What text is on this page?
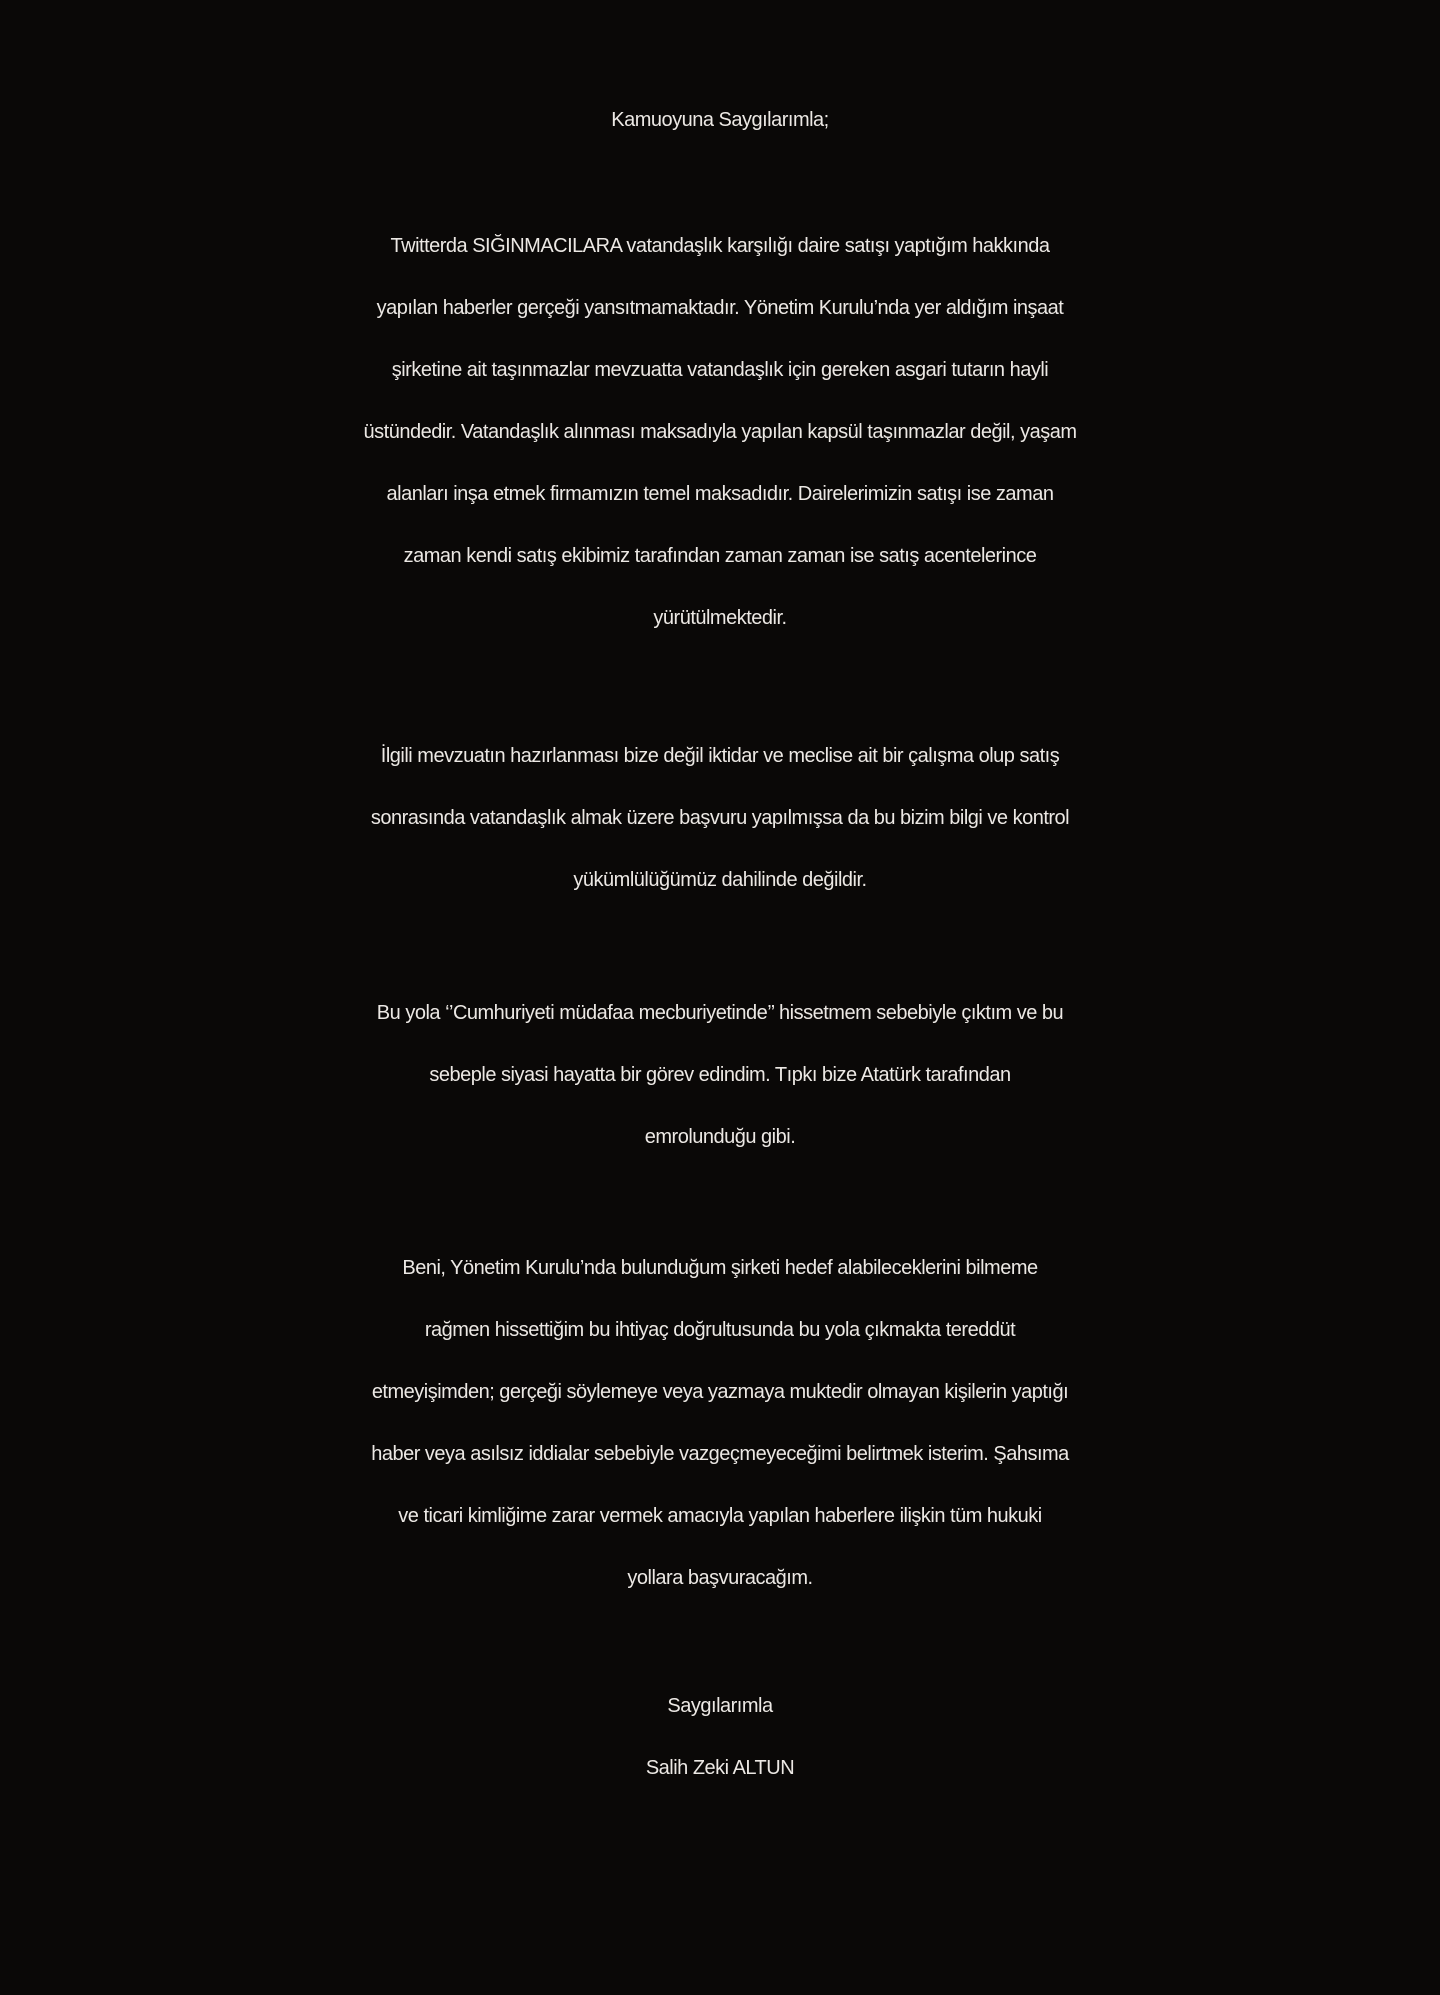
Kamuoyuna Saygılarımla;
Twitterda SIĞINMACILARA vatandaşlık karşılığı daire satışı yaptığım hakkında
yapılan haberler gerçeği yansıtmamaktadır. Yönetim Kurulu’nda yer aldığım inşaat
şirketine ait taşınmazlar mevzuatta vatandaşlık için gereken asgari tutarın hayli
üstündedir. Vatandaşlık alınması maksadıyla yapılan kapsül taşınmazlar değil, yaşam
alanları inşa etmek firmamızın temel maksadıdır. Dairelerimizin satışı ise zaman
zaman kendi satış ekibimiz tarafından zaman zaman ise satış acentelerince
yürütülmektedir.
İlgili mevzuatın hazırlanması bize değil iktidar ve meclise ait bir çalışma olup satış
sonrasında vatandaşlık almak üzere başvuru yapılmışsa da bu bizim bilgi ve kontrol
yükümlülüğümüz dahilinde değildir.
Bu yola ‘’Cumhuriyeti müdafaa mecburiyetinde’’ hissetmem sebebiyle çıktım ve bu
sebeple siyasi hayatta bir görev edindim. Tıpkı bize Atatürk tarafından
emrolunduğu gibi.
Beni, Yönetim Kurulu’nda bulunduğum şirketi hedef alabileceklerini bilmeme
rağmen hissettiğim bu ihtiyaç doğrultusunda bu yola çıkmakta tereddüt
etmeyişimden; gerçeği söylemeye veya yazmaya muktedir olmayan kişilerin yaptığı
haber veya asılsız iddialar sebebiyle vazgeçmeyeceğimi belirtmek isterim. Şahsıma
ve ticari kimliğime zarar vermek amacıyla yapılan haberlere ilişkin tüm hukuki
yollara başvuracağım.
Saygılarımla
Salih Zeki ALTUN
